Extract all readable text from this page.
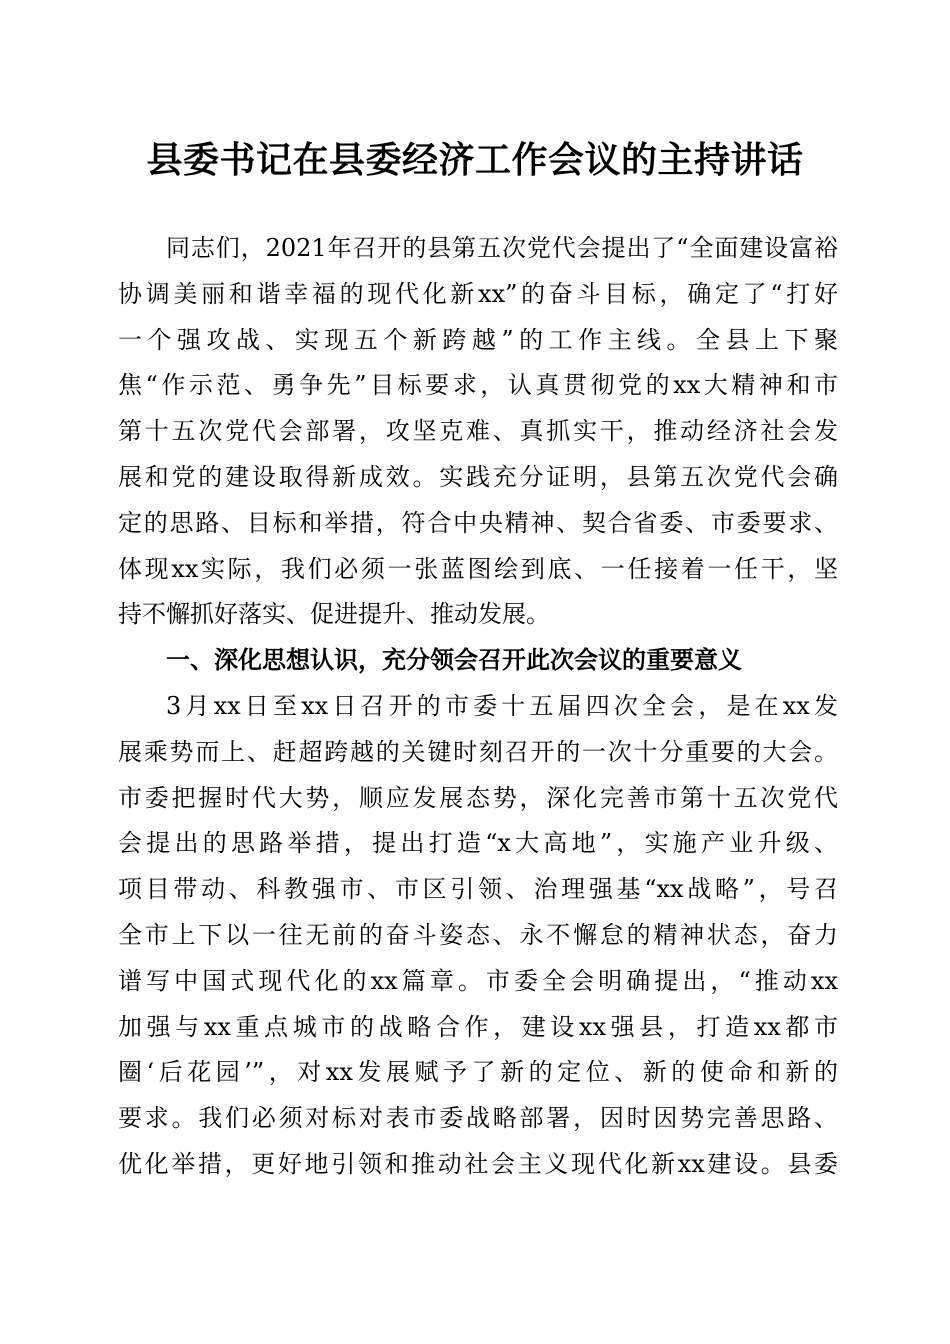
县委书记在县委经济工作会议的主持讲话
同志们，2021年召开的县第五次党代会提出了“全面建设富裕
协调美丽和谐幸福的现代化新xx”的奋斗目标，确定了“打好
一个强攻战、实现五个新跨越”的工作主线。全县上下聚
焦“作示范、勇争先”目标要求，认真贯彻党的xx大精神和市
第十五次党代会部署，攻坚克难、真抓实干，推动经济社会发
展和党的建设取得新成效。实践充分证明，县第五次党代会确
定的思路、目标和举措，符合中央精神、契合省委、市委要求、
体现xx实际，我们必须一张蓝图绘到底、一任接着一任干，坚
持不懈抓好落实、促进提升、推动发展。
一、深化思想认识，充分领会召开此次会议的重要意义
3月xx日至xx日召开的市委十五届四次全会，是在xx发
展乘势而上、赶超跨越的关键时刻召开的一次十分重要的大会。
市委把握时代大势，顺应发展态势，深化完善市第十五次党代
会提出的思路举措，提出打造“x大高地”，实施产业升级、
项目带动、科教强市、市区引领、治理强基“xx战略”，号召
全市上下以一往无前的奋斗姿态、永不懈怠的精神状态，奋力
谱写中国式现代化的xx篇章。市委全会明确提出，“推动xx
加强与xx重点城市的战略合作，建设xx强县，打造xx都市
圈‘后花园’”，对xx发展赋予了新的定位、新的使命和新的
要求。我们必须对标对表市委战略部署，因时因势完善思路、
优化举措，更好地引领和推动社会主义现代化新xx建设。县委
